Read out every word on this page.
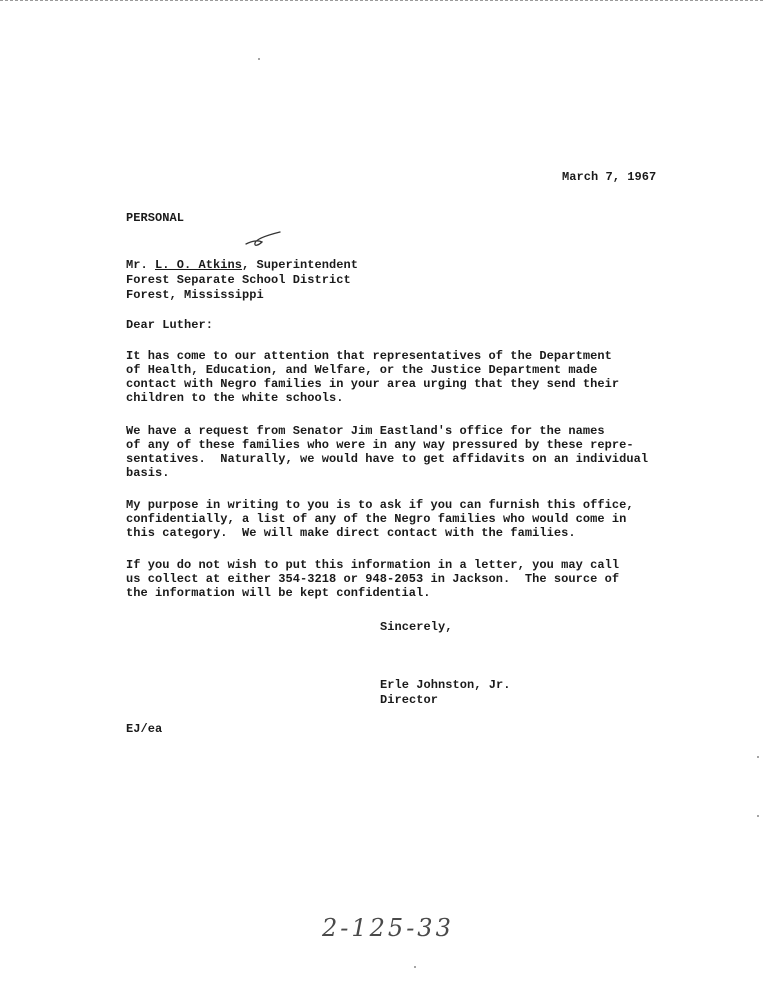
March 7, 1967
PERSONAL
Mr. L. O. Atkins, Superintendent
Forest Separate School District
Forest, Mississippi
Dear Luther:
It has come to our attention that representatives of the Department
of Health, Education, and Welfare, or the Justice Department made
contact with Negro families in your area urging that they send their
children to the white schools.
We have a request from Senator Jim Eastland's office for the names
of any of these families who were in any way pressured by these repre-
sentatives.  Naturally, we would have to get affidavits on an individual
basis.
My purpose in writing to you is to ask if you can furnish this office,
confidentially, a list of any of the Negro families who would come in
this category.  We will make direct contact with the families.
If you do not wish to put this information in a letter, you may call
us collect at either 354-3218 or 948-2053 in Jackson.  The source of
the information will be kept confidential.
Sincerely,
Erle Johnston, Jr.
Director
EJ/ea
2-125-33
